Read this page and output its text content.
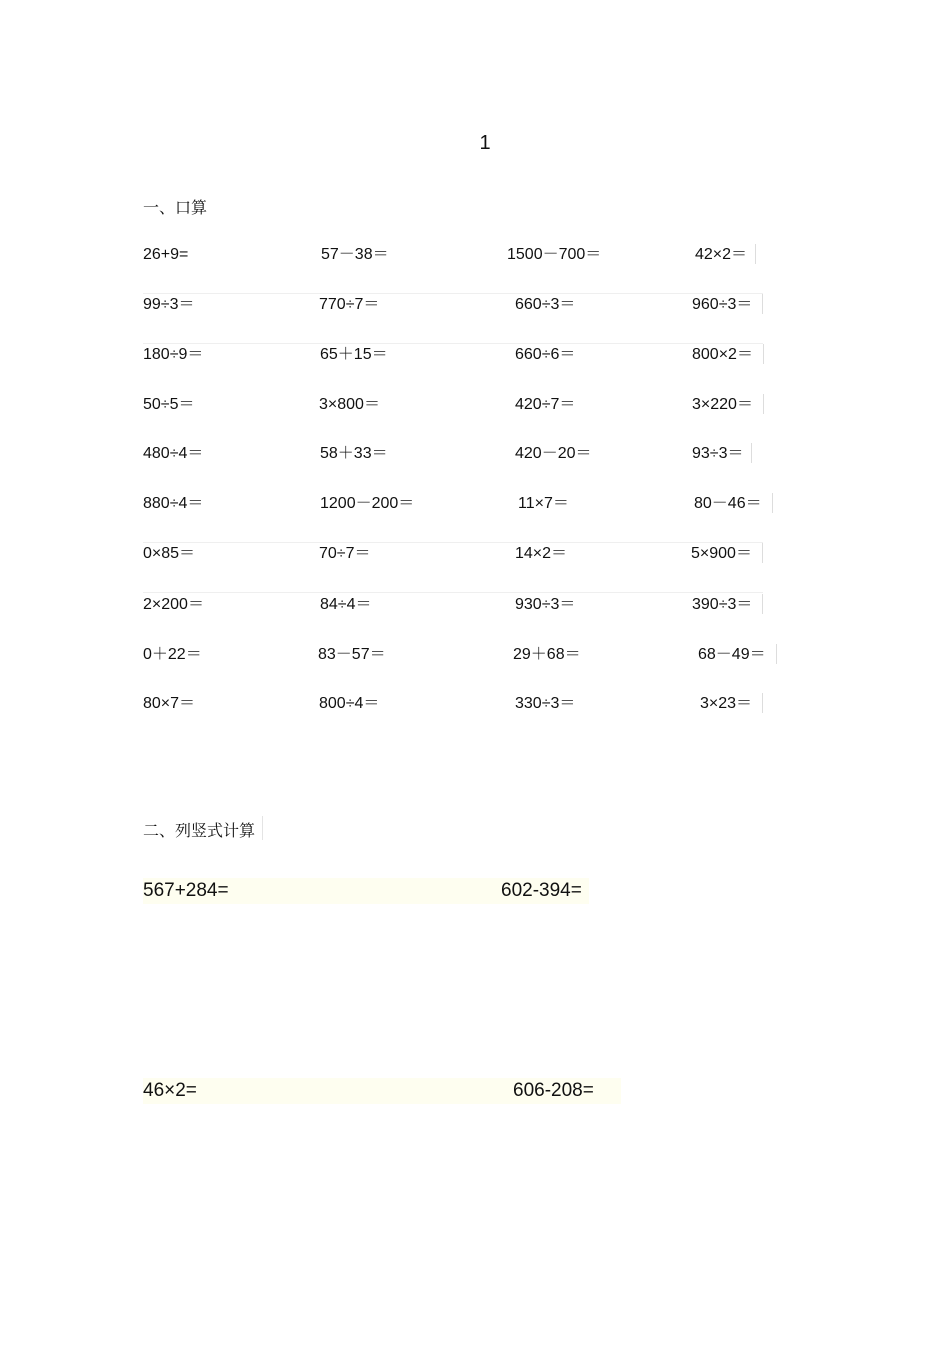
1
一、口算
26+9=	57－38＝	1500－700＝	42×2＝
99÷3＝	770÷7＝	660÷3＝	960÷3＝
180÷9＝	65＋15＝	660÷6＝	800×2＝
50÷5＝	3×800＝	420÷7＝	3×220＝
480÷4＝	58＋33＝	420－20＝	93÷3＝
880÷4＝	1200－200＝	11×7＝	80－46＝
0×85＝	70÷7＝	14×2＝	5×900＝
2×200＝	84÷4＝	930÷3＝	390÷3＝
0＋22＝	83－57＝	29＋68＝	68－49＝
80×7＝	800÷4＝	330÷3＝	3×23＝
二、列竖式计算
567+284=	602-394=
46×2=	606-208=
